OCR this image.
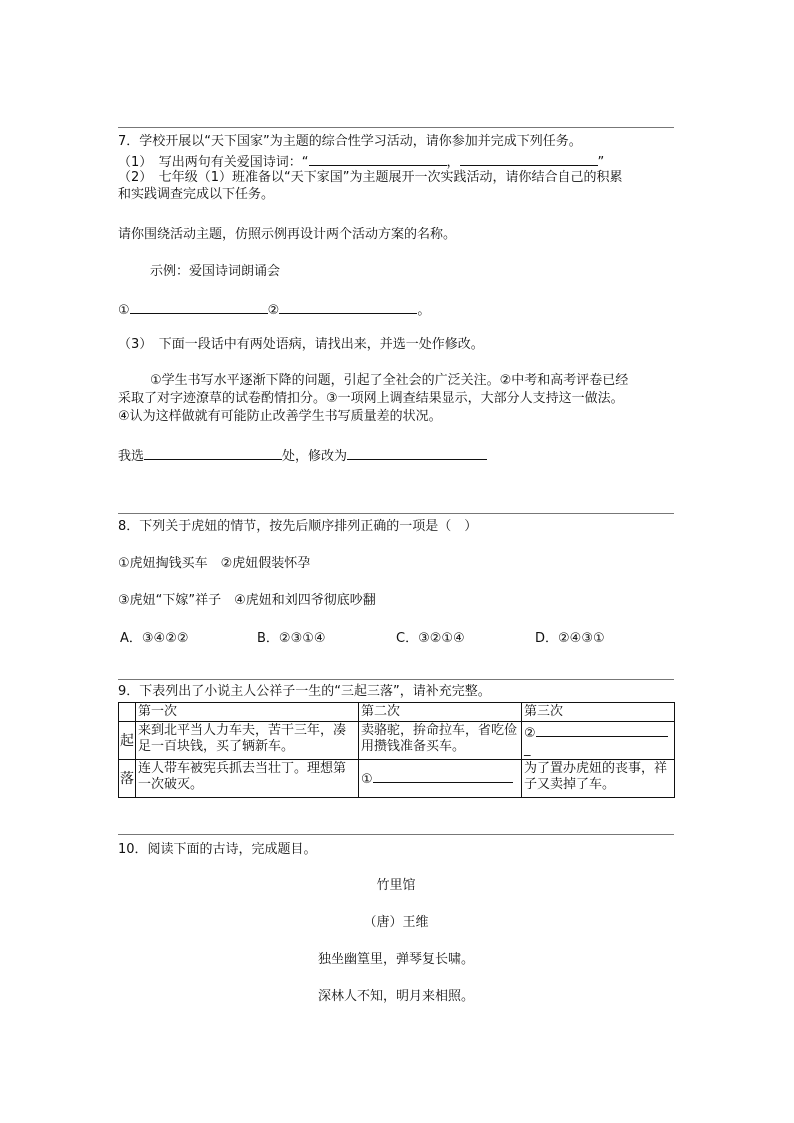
7．学校开展以“天下国家”为主题的综合性学习活动，请你参加并完成下列任务。
（1）　写出两句有关爱国诗词：“	，	”
（2）　七年级（1）班准备以“天下家国”为主题展开一次实践活动，请你结合自己的积累
和实践调查完成以下任务。
请你围绕活动主题，仿照示例再设计两个活动方案的名称。
示例：爱国诗词朗诵会
①	②	。
（3）　下面一段话中有两处语病，请找出来，并选一处作修改。
①学生书写水平逐渐下降的问题，引起了全社会的广泛关注。②中考和高考评卷已经
采取了对字迹潦草的试卷酌情扣分。③一项网上调查结果显示，大部分人支持这一做法。
④认为这样做就有可能防止改善学生书写质量差的状况。
我选	处，修改为
8．下列关于虎妞的情节，按先后顺序排列正确的一项是（　）
①虎妞掏钱买车　②虎妞假装怀孕
③虎妞“下嫁”祥子　④虎妞和刘四爷彻底吵翻
A．③④②②	B．②③①④	C．③②①④	D．②④③①
9．下表列出了小说主人公祥子一生的“三起三落”，请补充完整。
	第一次	第二次	第三次
起	来到北平当人力车夫，苦干三年，凑足一百块钱，买了辆新车。	卖骆驼，拚命拉车，省吃俭用攒钱准备买车。	②
_
落	连人带车被宪兵抓去当壮丁。理想第一次破灭。	①	为了置办虎妞的丧事，祥子又卖掉了车。
10．阅读下面的古诗，完成题目。
竹里馆
（唐）王维
独坐幽篁里，弹琴复长啸。
深林人不知，明月来相照。
